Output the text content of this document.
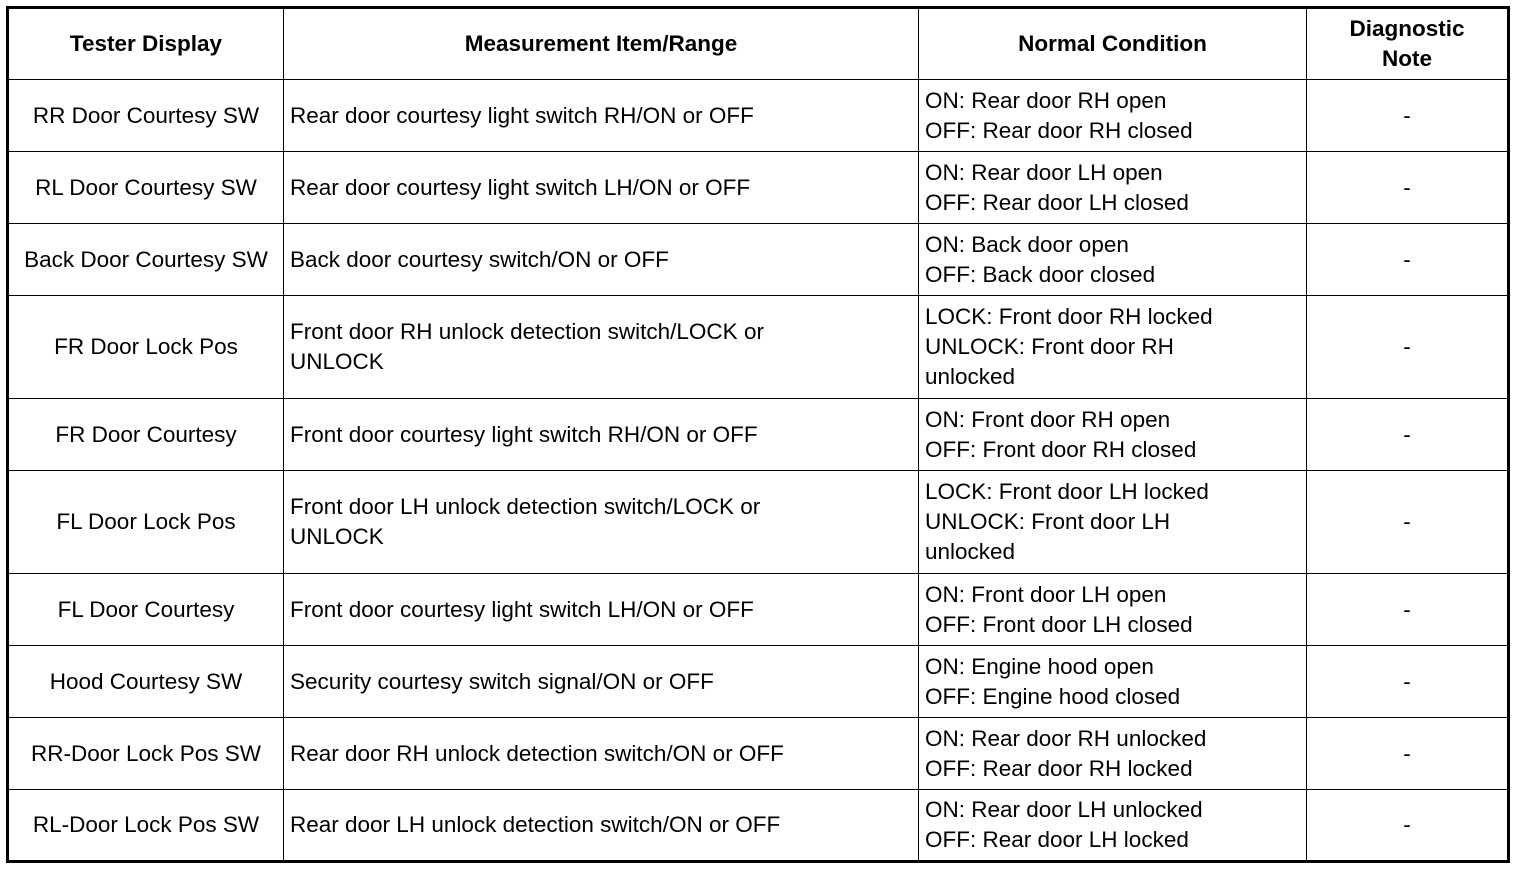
Tester Display	Measurement Item/Range	Normal Condition	Diagnostic Note
RR Door Courtesy SW	Rear door courtesy light switch RH/ON or OFF	ON: Rear door RH open
OFF: Rear door RH closed	-
RL Door Courtesy SW	Rear door courtesy light switch LH/ON or OFF	ON: Rear door LH open
OFF: Rear door LH closed	-
Back Door Courtesy SW	Back door courtesy switch/ON or OFF	ON: Back door open
OFF: Back door closed	-
FR Door Lock Pos	Front door RH unlock detection switch/LOCK or UNLOCK	LOCK: Front door RH locked
UNLOCK: Front door RH
unlocked	-
FR Door Courtesy	Front door courtesy light switch RH/ON or OFF	ON: Front door RH open
OFF: Front door RH closed	-
FL Door Lock Pos	Front door LH unlock detection switch/LOCK or UNLOCK	LOCK: Front door LH locked
UNLOCK: Front door LH
unlocked	-
FL Door Courtesy	Front door courtesy light switch LH/ON or OFF	ON: Front door LH open
OFF: Front door LH closed	-
Hood Courtesy SW	Security courtesy switch signal/ON or OFF	ON: Engine hood open
OFF: Engine hood closed	-
RR-Door Lock Pos SW	Rear door RH unlock detection switch/ON or OFF	ON: Rear door RH unlocked
OFF: Rear door RH locked	-
RL-Door Lock Pos SW	Rear door LH unlock detection switch/ON or OFF	ON: Rear door LH unlocked
OFF: Rear door LH locked	-
